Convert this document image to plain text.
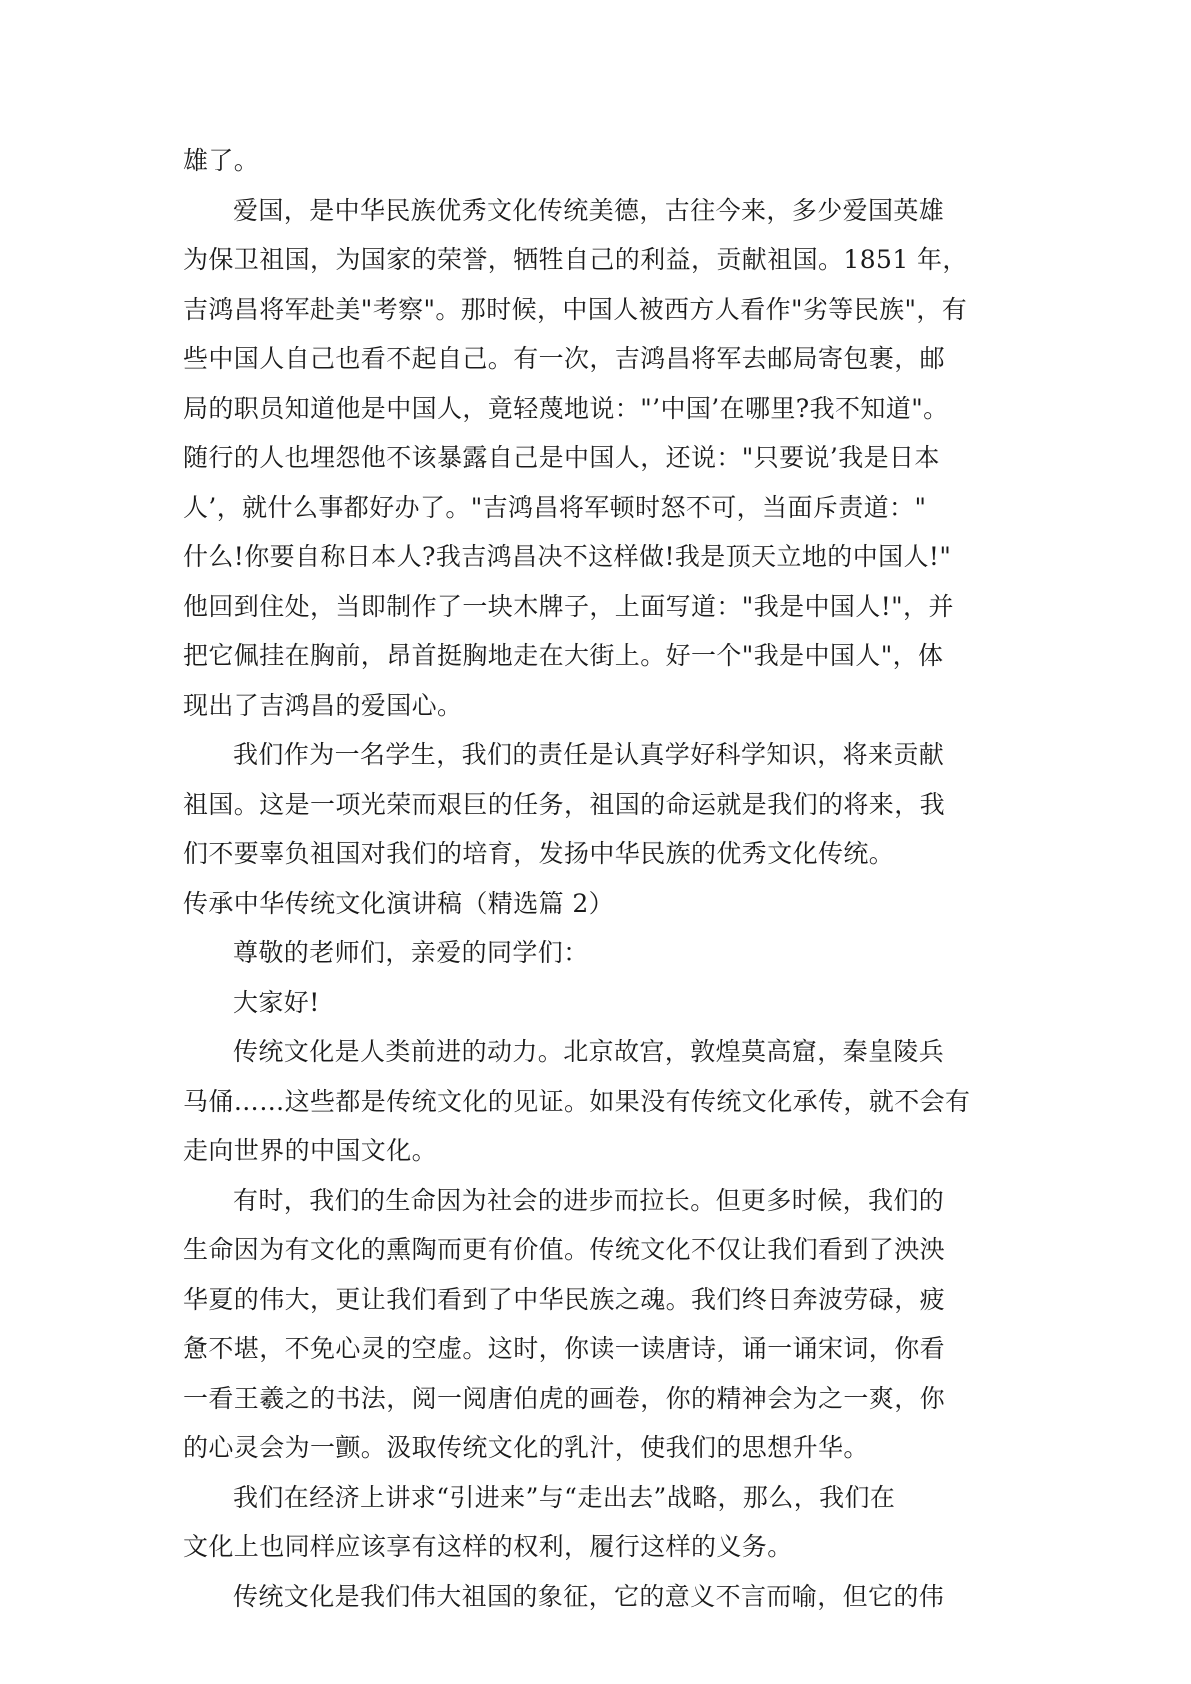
雄了。
爱国，是中华民族优秀文化传统美德，古往今来，多少爱国英雄
为保卫祖国，为国家的荣誉，牺牲自己的利益，贡献祖国。1851 年，
吉鸿昌将军赴美"考察"。那时候，中国人被西方人看作"劣等民族"，有
些中国人自己也看不起自己。有一次，吉鸿昌将军去邮局寄包裹，邮
局的职员知道他是中国人，竟轻蔑地说："’中国’在哪里?我不知道"。
随行的人也埋怨他不该暴露自己是中国人，还说："只要说’我是日本
人’，就什么事都好办了。"吉鸿昌将军顿时怒不可，当面斥责道："
什么!你要自称日本人?我吉鸿昌决不这样做!我是顶天立地的中国人!"
他回到住处，当即制作了一块木牌子，上面写道："我是中国人!"，并
把它佩挂在胸前，昂首挺胸地走在大街上。好一个"我是中国人"，体
现出了吉鸿昌的爱国心。
我们作为一名学生，我们的责任是认真学好科学知识，将来贡献
祖国。这是一项光荣而艰巨的任务，祖国的命运就是我们的将来，我
们不要辜负祖国对我们的培育，发扬中华民族的优秀文化传统。
传承中华传统文化演讲稿（精选篇 2）
尊敬的老师们，亲爱的同学们：
大家好!
传统文化是人类前进的动力。北京故宫，敦煌莫高窟，秦皇陵兵
马俑……这些都是传统文化的见证。如果没有传统文化承传，就不会有
走向世界的中国文化。
有时，我们的生命因为社会的进步而拉长。但更多时候，我们的
生命因为有文化的熏陶而更有价值。传统文化不仅让我们看到了泱泱
华夏的伟大，更让我们看到了中华民族之魂。我们终日奔波劳碌，疲
惫不堪，不免心灵的空虚。这时，你读一读唐诗，诵一诵宋词，你看
一看王羲之的书法，阅一阅唐伯虎的画卷，你的精神会为之一爽，你
的心灵会为一颤。汲取传统文化的乳汁，使我们的思想升华。
我们在经济上讲求“引进来”与“走出去”战略，那么，我们在
文化上也同样应该享有这样的权利，履行这样的义务。
传统文化是我们伟大祖国的象征，它的意义不言而喻，但它的伟
